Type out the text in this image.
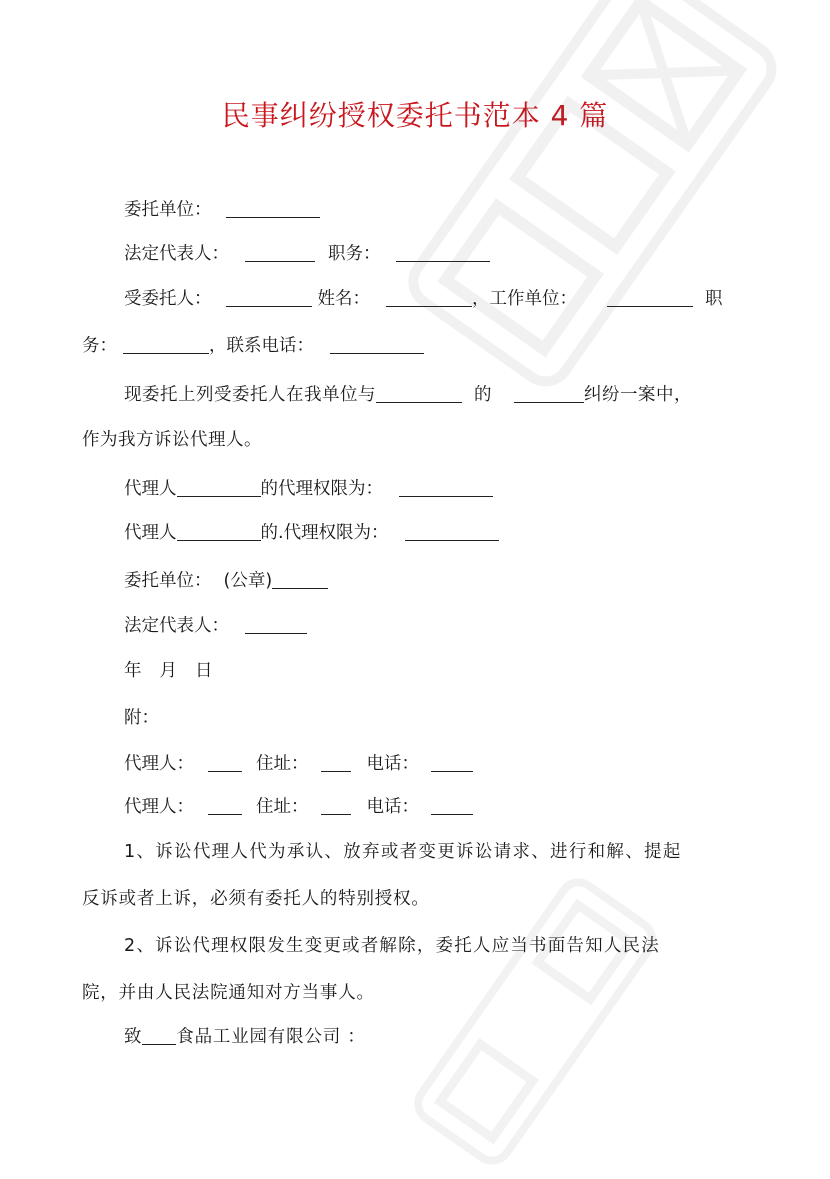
民事纠纷授权委托书范本 4 篇
委托单位：
法定代表人：	职务：
受委托人：	姓名：	，工作单位：	职
务：	，联系电话：
现委托上列受委托人在我单位与	的	纠纷一案中，
作为我方诉讼代理人。
代理人	的代理权限为：
代理人	的.代理权限为：
委托单位： (公章)
法定代表人：
年 月 日
附：
代理人：	住址：	电话：
代理人：	住址：	电话：
1、诉讼代理人代为承认、放弃或者变更诉讼请求、进行和解、提起
反诉或者上诉，必须有委托人的特别授权。
2、诉讼代理权限发生变更或者解除，委托人应当书面告知人民法
院，并由人民法院通知对方当事人。
致 食品工业园有限公司 ：
